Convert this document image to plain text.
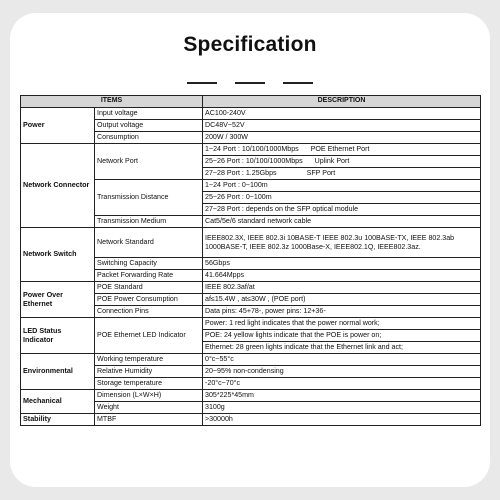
Specification
ITEMS		DESCRIPTION
Power	Input voltage	AC100-240V
	Output voltage	DC48V~52V
	Consumption	200W / 300W
Network Connector	Network Port	1~24 Port : 10/100/1000Mbps POE Ethernet Port
		25~26 Port : 10/100/1000Mbps Uplink Port
		27~28 Port : 1.25Gbps SFP Port
	Transmission Distance	1~24 Port : 0~100m
		25~26 Port : 0~100m
		27~28 Port : depends on the SFP optical module
	Transmission Medium	Cat5/5e/6 standard network cable
Network Switch	Network Standard	IEEE802.3X, IEEE 802.3i 10BASE-T IEEE 802.3u 100BASE-TX, IEEE 802.3ab 1000BASE-T, IEEE 802.3z 1000Base-X, IEEE802.1Q, IEEE802.3az.
	Switching Capacity	56Gbps
	Packet Forwarding Rate	41.664Mpps
Power Over Ethernet	POE Standard	IEEE 802.3af/at
	POE Power Consumption	af≤15.4W , at≤30W , (POE port)
	Connection Pins	Data pins: 45+78-, power pins: 12+36-
LED Status Indicator	POE Ethernet LED Indicator	Power: 1 red light indicates that the power normal work;
		POE: 24 yellow lights indicate that the POE is power on;
		Ethernet: 28 green lights indicate that the Ethernet link and act;
Environmental	Working temperature	0°c~55°c
	Relative Humidity	20~95% non-condensing
	Storage temperature	-20°c~70°c
Mechanical	Dimension (L×W×H)	305*225*45mm
	Weight	3100g
Stability	MTBF	>30000h
